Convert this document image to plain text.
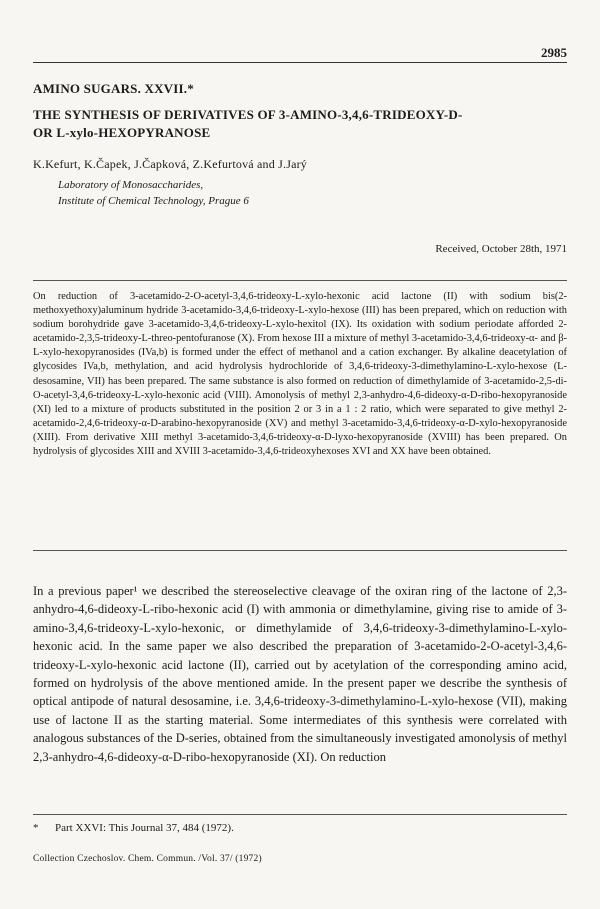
2985
AMINO SUGARS. XXVII.*
THE SYNTHESIS OF DERIVATIVES OF 3-AMINO-3,4,6-TRIDEOXY-D-
OR L-xylo-HEXOPYRANOSE
K.Kefurt, K.Čapek, J.Čapková, Z.Kefurtová and J.Jarý
Laboratory of Monosaccharides,
Institute of Chemical Technology, Prague 6
Received, October 28th, 1971

On reduction of 3-acetamido-2-O-acetyl-3,4,6-trideoxy-L-xylo-hexonic acid lactone (II) with sodium bis(2-methoxyethoxy)aluminum hydride 3-acetamido-3,4,6-trideoxy-L-xylo-hexose (III) has been prepared, which on reduction with sodium borohydride gave 3-acetamido-3,4,6-trideoxy-L-xylo-hexitol (IX). Its oxidation with sodium periodate afforded 2-acetamido-2,3,5-trideoxy-L-threo-pentofuranose (X). From hexose III a mixture of methyl 3-acetamido-3,4,6-trideoxy-α- and β-L-xylo-hexopyranosides (IVa,b) is formed under the effect of methanol and a cation exchanger. By alkaline deacetylation of glycosides IVa,b, methylation, and acid hydrolysis hydrochloride of 3,4,6-trideoxy-3-dimethylamino-L-xylo-hexose (L-desosamine, VII) has been prepared. The same substance is also formed on reduction of dimethylamide of 3-acetamido-2,5-di-O-acetyl-3,4,6-trideoxy-L-xylo-hexonic acid (VIII). Amonolysis of methyl 2,3-anhydro-4,6-dideoxy-α-D-ribo-hexopyranoside (XI) led to a mixture of products substituted in the position 2 or 3 in a 1 : 2 ratio, which were separated to give methyl 2-acetamido-2,4,6-trideoxy-α-D-arabino-hexopyranoside (XV) and methyl 3-acetamido-3,4,6-trideoxy-α-D-xylo-hexopyranoside (XIII). From derivative XIII methyl 3-acetamido-3,4,6-trideoxy-α-D-lyxo-hexopyranoside (XVIII) has been prepared. On hydrolysis of glycosides XIII and XVIII 3-acetamido-3,4,6-trideoxyhexoses XVI and XX have been obtained.

In a previous paper¹ we described the stereoselective cleavage of the oxiran ring of the lactone of 2,3-anhydro-4,6-dideoxy-L-ribo-hexonic acid (I) with ammonia or dimethylamine, giving rise to amide of 3-amino-3,4,6-trideoxy-L-xylo-hexonic, or dimethylamide of 3,4,6-trideoxy-3-dimethylamino-L-xylo-hexonic acid. In the same paper we also described the preparation of 3-acetamido-2-O-acetyl-3,4,6-trideoxy-L-xylo-hexonic acid lactone (II), carried out by acetylation of the corresponding amino acid, formed on hydrolysis of the above mentioned amide. In the present paper we describe the synthesis of optical antipode of natural desosamine, i.e. 3,4,6-trideoxy-3-dimethylamino-L-xylo-hexose (VII), making use of lactone II as the starting material. Some intermediates of this synthesis were correlated with analogous substances of the D-series, obtained from the simultaneously investigated amonolysis of methyl 2,3-anhydro-4,6-dideoxy-α-D-ribo-hexopyranoside (XI). On reduction

* Part XXVI: This Journal 37, 484 (1972).
Collection Czechoslov. Chem. Commun. /Vol. 37/ (1972)
